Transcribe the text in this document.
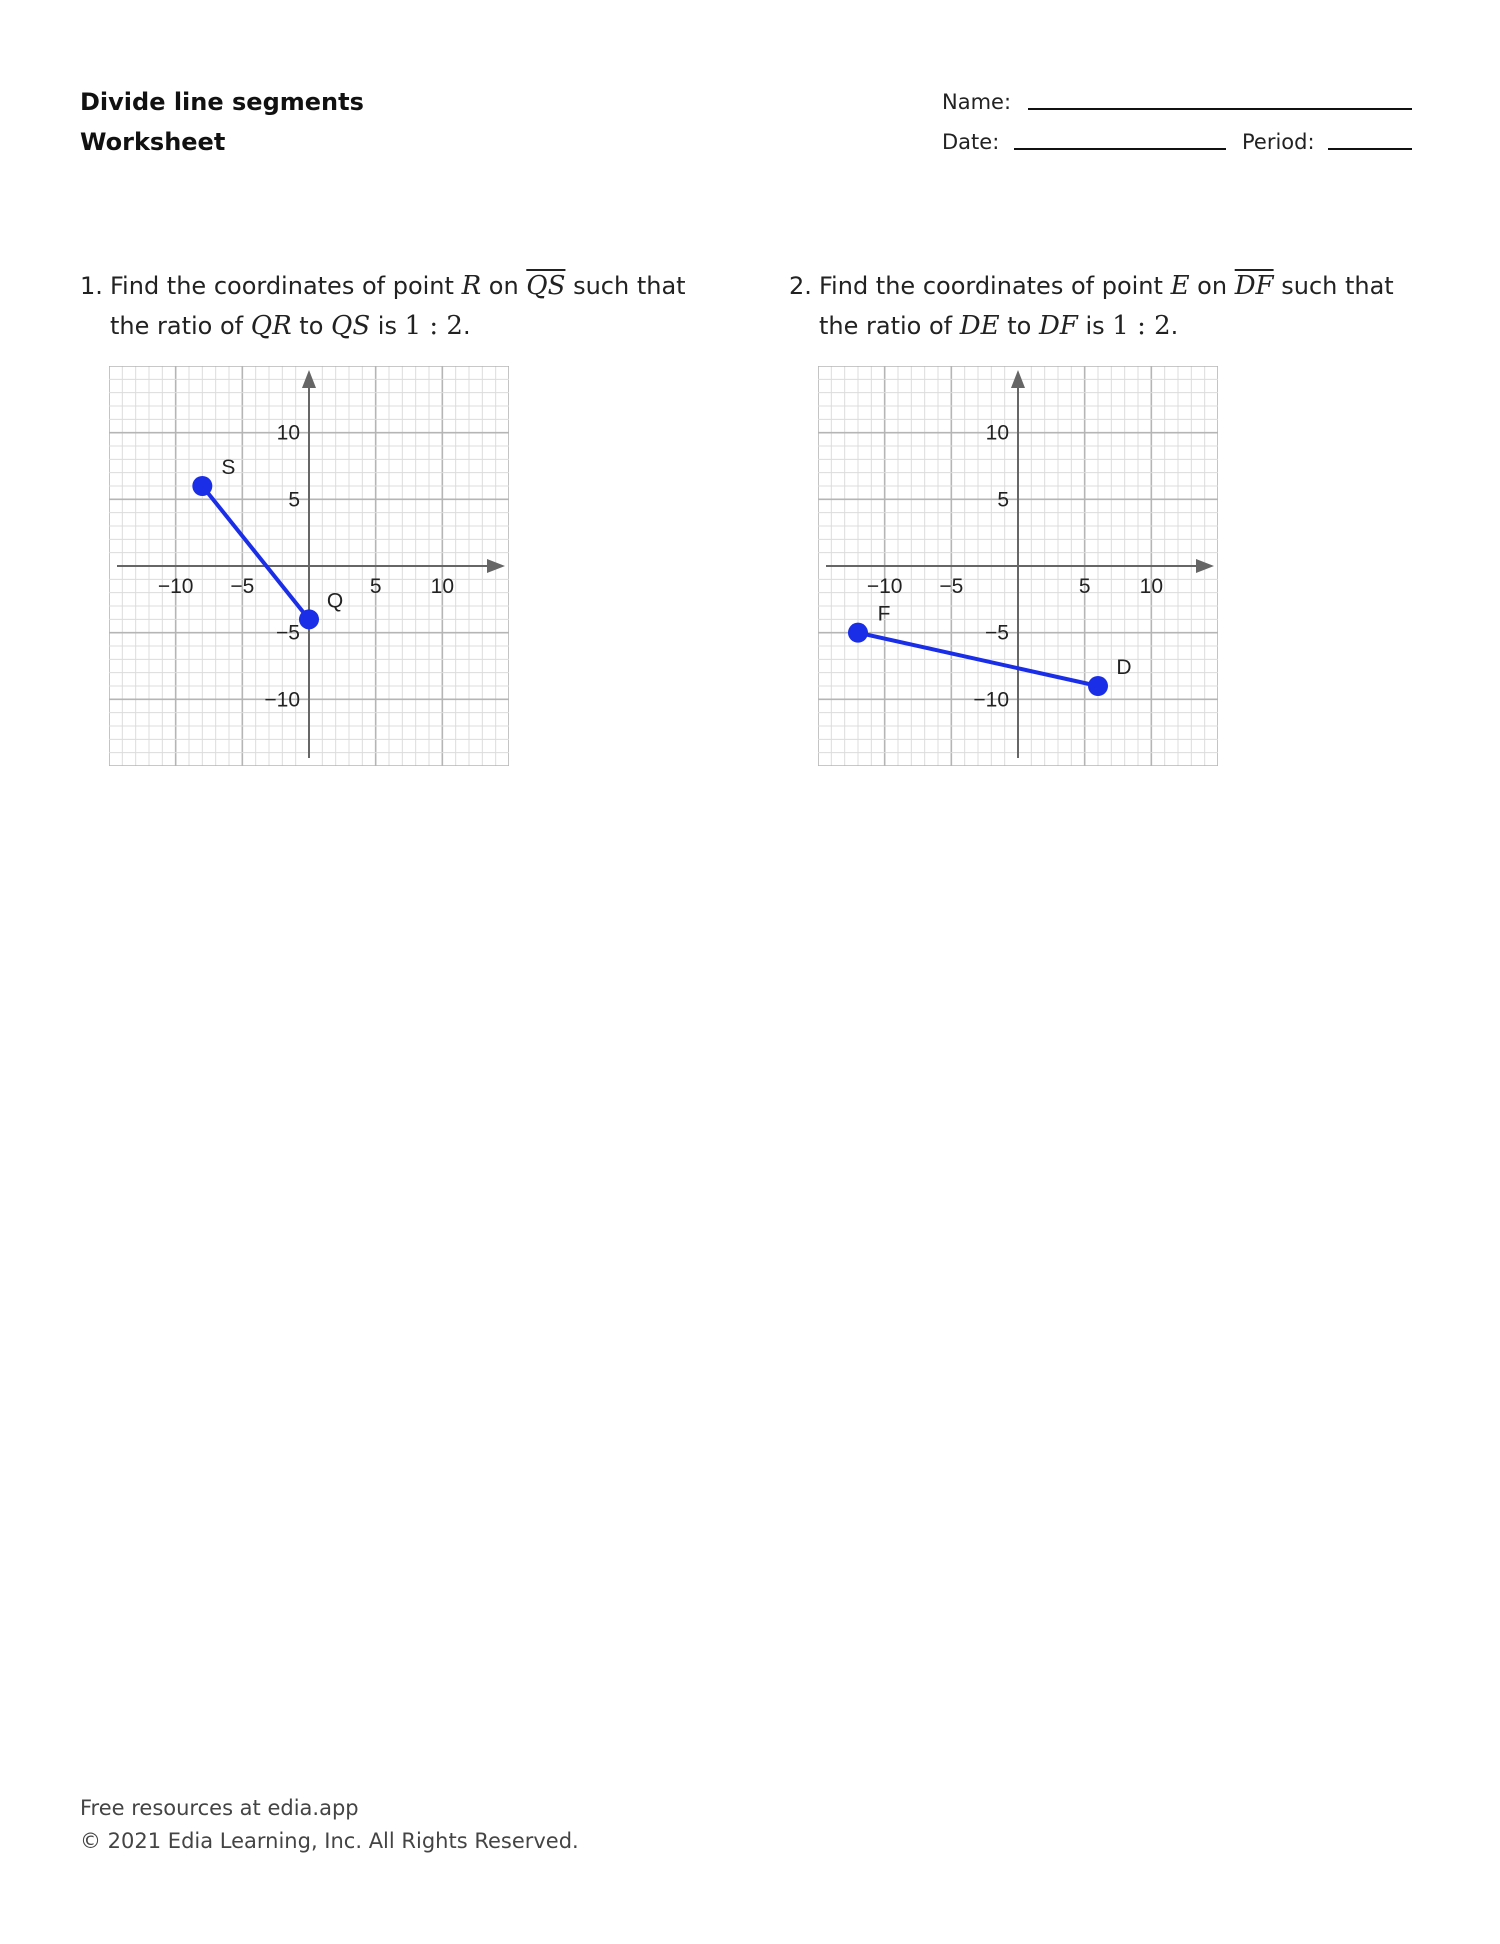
Divide line segments
Worksheet
Name:
Date:	Period:
1. Find the coordinates of point R on $\overline{QS}$ such that
the ratio of QR to QS is 1 : 2.
2. Find the coordinates of point E on $\overline{DF}$ such that
the ratio of DE to DF is 1 : 2.
−10 −5	5 10
10
5
−5
−10
S
Q
−10 −5	5 10
10
5
−5
−10
F
D
Free resources at edia.app
© 2021 Edia Learning, Inc. All Rights Reserved.
